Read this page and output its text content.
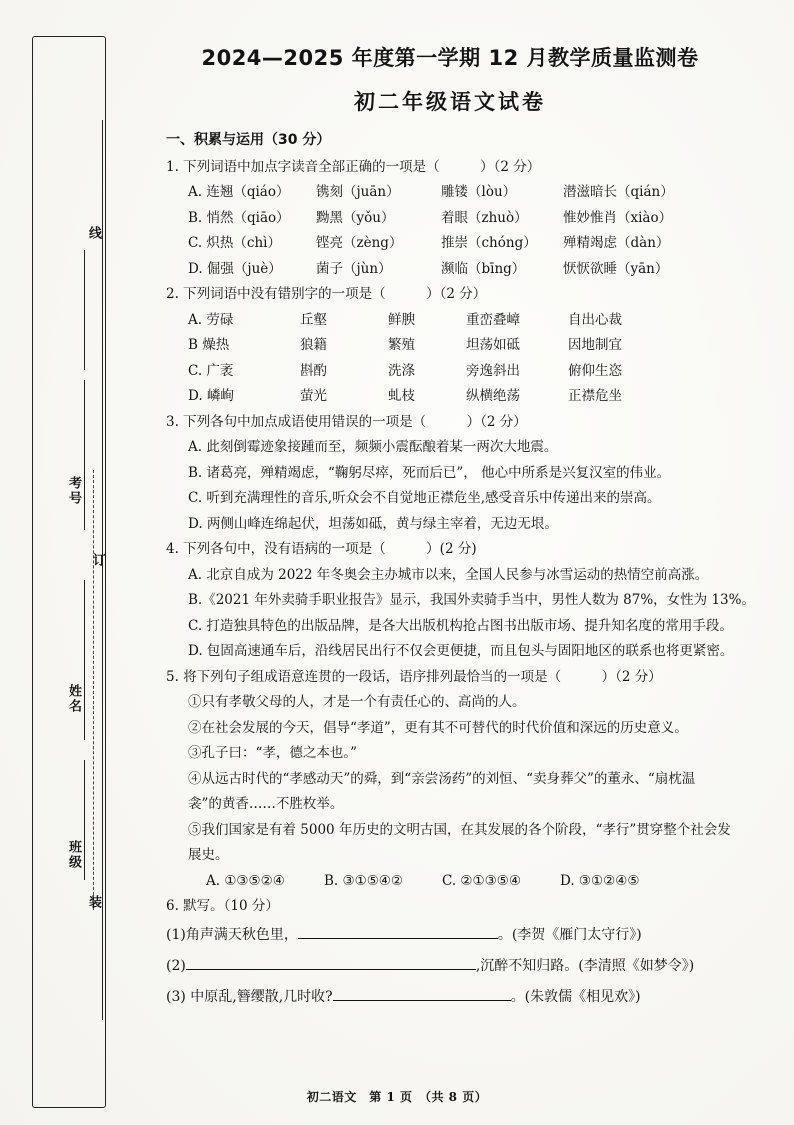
线
考号
订
姓名
班级
装
2024—2025 年度第一学期 12 月教学质量监测卷
初二年级语文试卷

一、积累与运用（30 分）

1. 下列词语中加点字读音全部正确的一项是（　　　）（2 分）

A. 连翘（qiáo）	镌刻（juān）	雕镂（lòu）	潜滋暗长（qián）
B. 悄然（qiāo）	黝黑（yǒu）	着眼（zhuò）	惟妙惟肖（xiào）
C. 炽热（chì）	铿亮（zèng）	推崇（chóng）	殚精竭虑（dàn）
D. 倔强（juè）	菌子（jùn）	濒临（bīng）	恹恹欲睡（yān）

2. 下列词语中没有错别字的一项是（　　　）（2 分）

A. 劳碌	丘壑	鲜腴	重峦叠嶂	自出心裁
B 燥热	狼籍	繁殖	坦荡如砥	因地制宜
C. 广袤	斟酌	洗涤	旁逸斜出	俯仰生恣
D. 嶙峋	萤光	虬枝	纵横绝荡	正襟危坐

3. 下列各句中加点成语使用错误的一项是（　　　）（2 分）

A. 此刻倒霉迹象接踵而至，频频小震酝酿着某一两次大地震。

B. 诸葛亮，殚精竭虑，“鞠躬尽瘁，死而后已”， 他心中所系是兴复汉室的伟业。

C. 听到充满理性的音乐,听众会不自觉地正襟危坐,感受音乐中传递出来的崇高。

D. 两侧山峰连绵起伏，坦荡如砥，黄与绿主宰着，无边无垠。

4. 下列各句中，没有语病的一项是（　　　）(2 分)

A. 北京自成为 2022 年冬奥会主办城市以来，全国人民参与冰雪运动的热情空前高涨。

B.《2021 年外卖骑手职业报告》显示，我国外卖骑手当中，男性人数为 87%，女性为 13%。

C. 打造独具特色的出版品牌，是各大出版机构抢占图书出版市场、提升知名度的常用手段。

D. 包固高速通车后，沿线居民出行不仅会更便捷，而且包头与固阳地区的联系也将更紧密。

5. 将下列句子组成语意连贯的一段话，语序排列最恰当的一项是（　　　）（2 分）

①只有孝敬父母的人，才是一个有责任心的、高尚的人。

②在社会发展的今天，倡导“孝道”，更有其不可替代的时代价值和深远的历史意义。

③孔子曰：“孝，德之本也。”

④从远古时代的“孝感动天”的舜，到“亲尝汤药”的刘恒、“卖身葬父”的董永、“扇枕温

衾”的黄香……不胜枚举。

⑤我们国家是有着 5000 年历史的文明古国，在其发展的各个阶段，“孝行”贯穿整个社会发

展史。

A. ①③⑤②④	B. ③①⑤④②	C. ②①③⑤④	D. ③①②④⑤

6. 默写。（10 分）

(1)角声满天秋色里，	。(李贺《雁门太守行》)

(2)	,沉醉不知归路。(李清照《如梦令》)

(3) 中原乱,簪缨散,几时收?	。(朱敦儒《相见欢》)

初二语文　第 1 页　（共 8 页）
